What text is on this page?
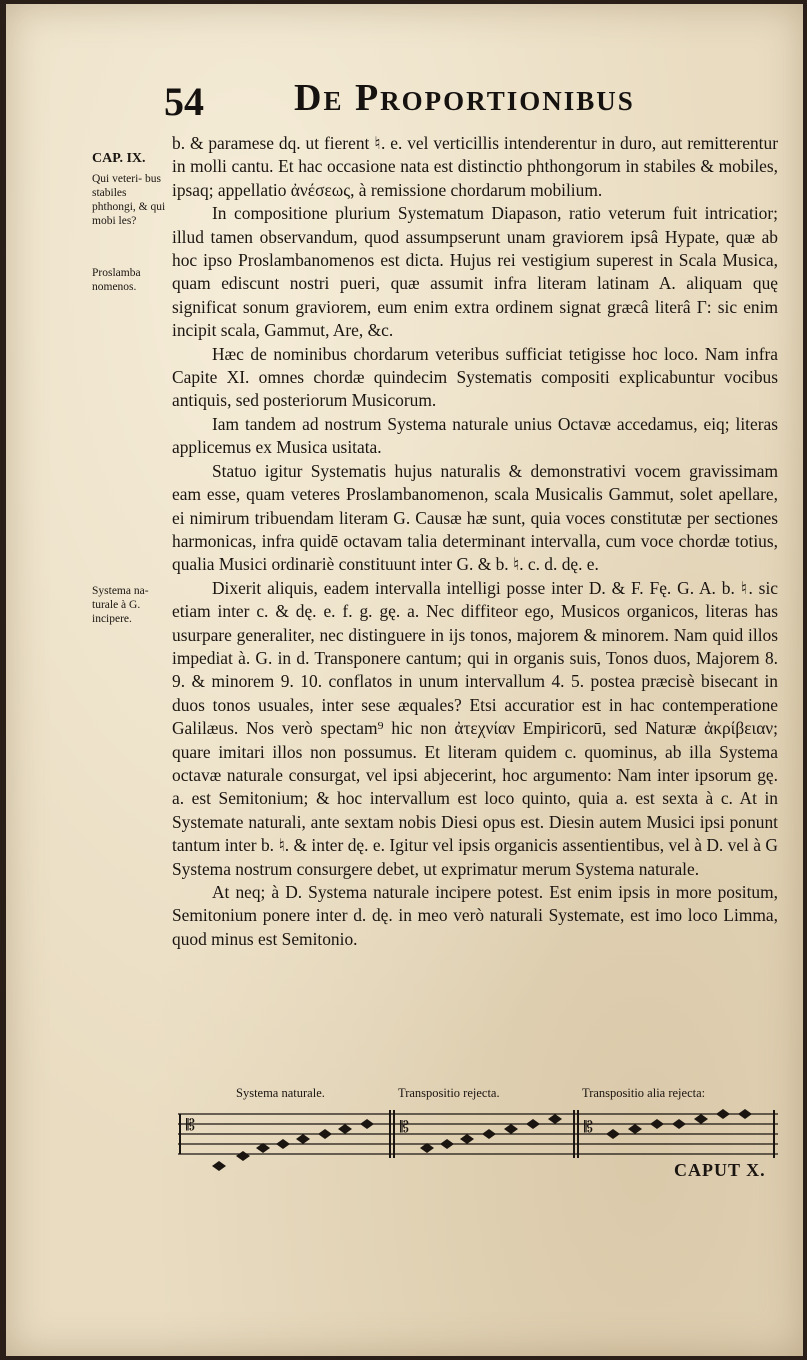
54 De Proportionibus
CAP. IX.
Qui veteri- bus stabiles phthongi, & qui mobi les?
Proslamba nomenos.
Systema na- turale à G. incipere.

b. & paramese dq. ut fierent ♮. e. vel verticillis intenderentur in duro, aut remitterentur in molli cantu. Et hac occasione nata est distinctio phthongorum in stabiles & mobiles, ipsaq; appellatio ἀνέσεως, à remissione chordarum mobilium.

In compositione plurium Systematum Diapason, ratio veterum fuit intricatior; illud tamen observandum, quod assumpserunt unam graviorem ipsâ Hypate, quæ ab hoc ipso Proslambanomenos est dicta. Hujus rei vestigium superest in Scala Musica, quam ediscunt nostri pueri, quæ assumit infra literam latinam A. aliquam quę significat sonum graviorem, eum enim extra ordinem signat græcâ literâ Γ: sic enim incipit scala, Gammut, Are, &c.

Hæc de nominibus chordarum veteribus sufficiat tetigisse hoc loco. Nam infra Capite XI. omnes chordæ quindecim Systematis compositi explicabuntur vocibus antiquis, sed posteriorum Musicorum.

Iam tandem ad nostrum Systema naturale unius Octavæ accedamus, eiq; literas applicemus ex Musica usitata.

Statuo igitur Systematis hujus naturalis & demonstrativi vocem gravissimam eam esse, quam veteres Proslambanomenon, scala Musicalis Gammut, solet apellare, ei nimirum tribuendam literam G. Causæ hæ sunt, quia voces constitutæ per sectiones harmonicas, infra quidē octavam talia determinant intervalla, cum voce chordæ totius, qualia Musici ordinariè constituunt inter G. & b. ♮. c. d. dę. e.

Dixerit aliquis, eadem intervalla intelligi posse inter D. & F. Fę. G. A. b. ♮. sic etiam inter c. & dę. e. f. g. gę. a. Nec diffiteor ego, Musicos organicos, literas has usurpare generaliter, nec distinguere in ijs tonos, majorem & minorem. Nam quid illos impediat à. G. in d. Transponere cantum; qui in organis suis, Tonos duos, Majorem 8. 9. & minorem 9. 10. conflatos in unum intervallum 4. 5. postea præcisè bisecant in duos tonos usuales, inter sese æquales? Etsi accuratior est in hac contemperatione Galilæus. Nos verò spectam⁹ hic non ἀτεχνίαν Empiricorū, sed Naturæ ἀκρίβειαν; quare imitari illos non possumus. Et literam quidem c. quominus, ab illa Systema octavæ naturale consurgat, vel ipsi abjecerint, hoc argumento: Nam inter ipsorum gę. a. est Semitonium; & hoc intervallum est loco quinto, quia a. est sexta à c. At in Systemate naturali, ante sextam nobis Diesi opus est. Diesin autem Musici ipsi ponunt tantum inter b. ♮. & inter dę. e. Igitur vel ipsis organicis assentientibus, vel à D. vel à G Systema nostrum consurgere debet, ut exprimatur merum Systema naturale.

At neq; à D. Systema naturale incipere potest. Est enim ipsis in more positum, Semitonium ponere inter d. dę. in meo verò naturali Systemate, est imo loco Limma, quod minus est Semitonio.

Systema naturale.	Transpositio rejecta.	Transpositio alia rejecta:
𝄡	𝄡	𝄡
CAPUT X.
